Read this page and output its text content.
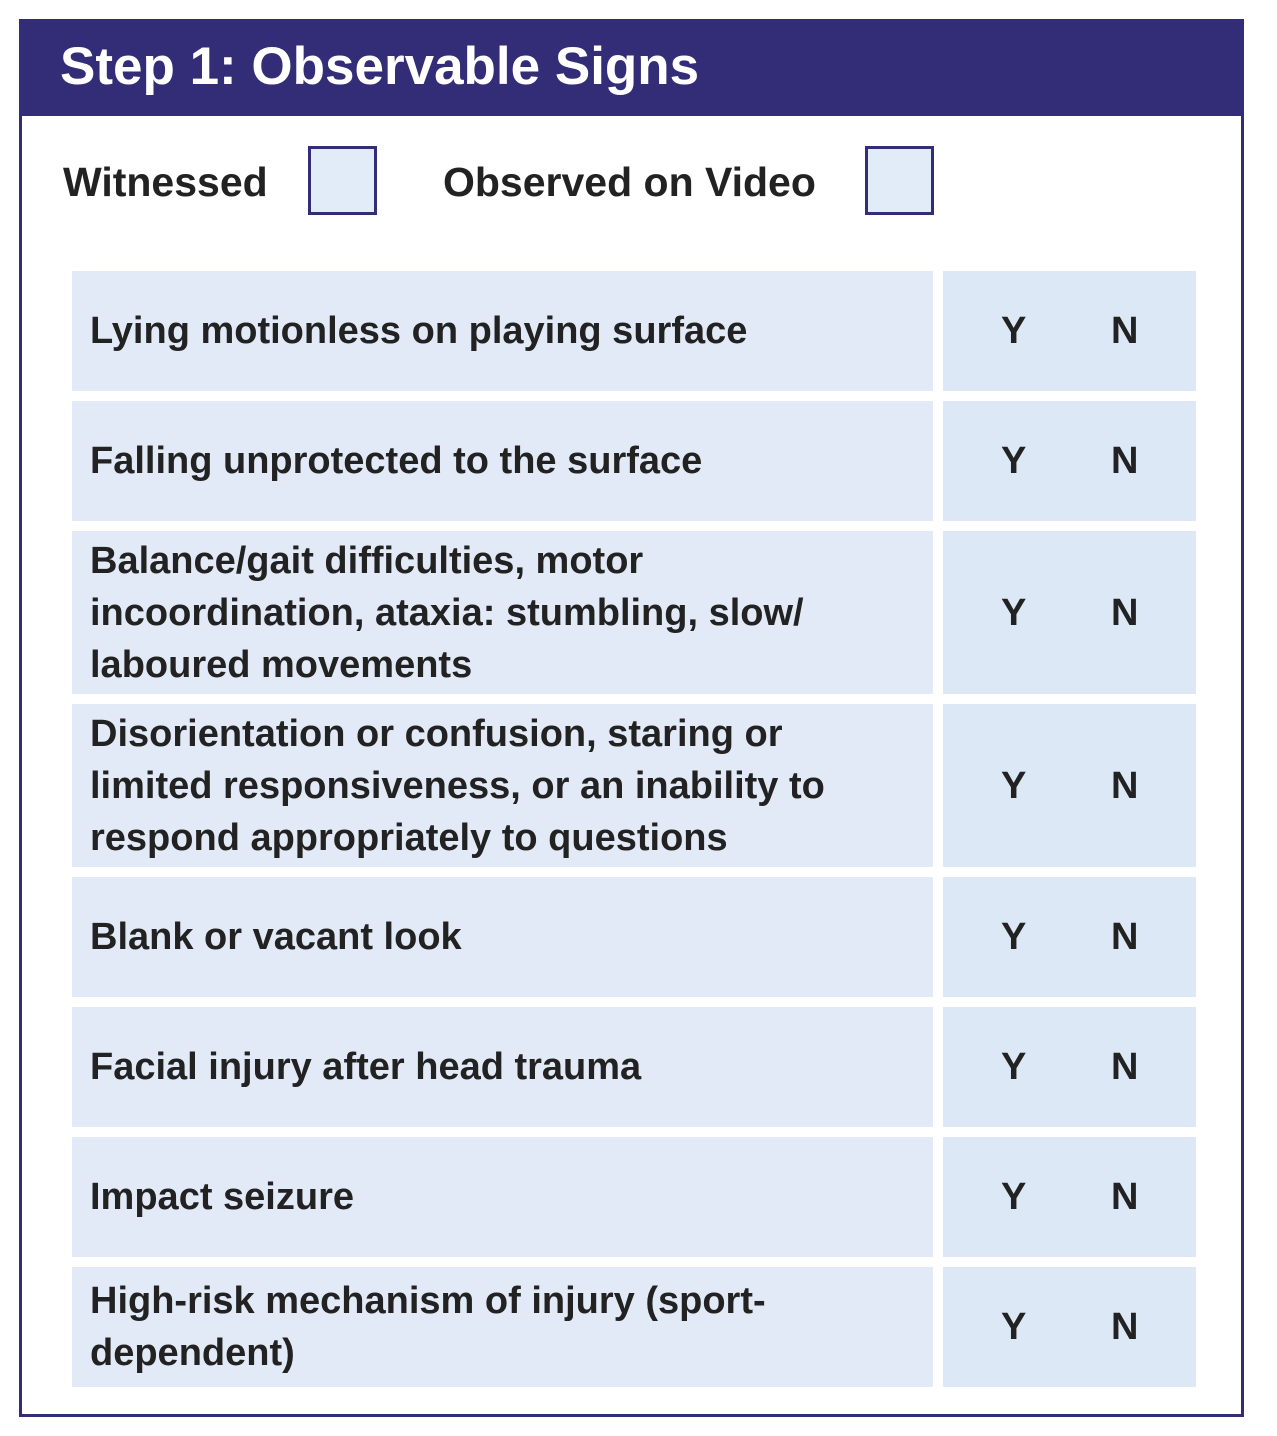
Step 1: Observable Signs
Witnessed	Observed on Video
Lying motionless on playing surface	Y N
Falling unprotected to the surface	Y N
Balance/gait difficulties, motor incoordination, ataxia: stumbling, slow/ laboured movements
Y N
Disorientation or confusion, staring or limited responsiveness, or an inability to respond appropriately to questions
Y N
Blank or vacant look	Y N
Facial injury after head trauma	Y N
Impact seizure	Y N
High-risk mechanism of injury (sport-dependent)
Y N
